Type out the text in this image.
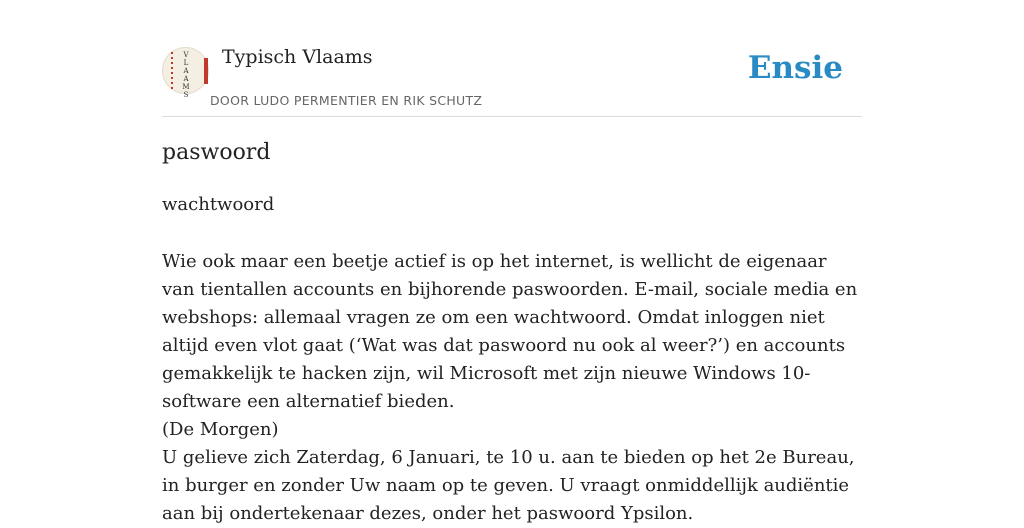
V
L
A
A
M
S
Typisch Vlaams
DOOR LUDO PERMENTIER EN RIK SCHUTZ
Ensie
paswoord
wachtwoord

Wie ook maar een beetje actief is op het internet, is wellicht de eigenaar van tientallen accounts en bijhorende paswoorden. E-mail, sociale media en webshops: allemaal vragen ze om een wachtwoord. Omdat inloggen niet altijd even vlot gaat (‘Wat was dat paswoord nu ook al weer?’) en accounts gemakkelijk te hacken zijn, wil Microsoft met zijn nieuwe Windows 10- software een alternatief bieden.

(De Morgen)

U gelieve zich Zaterdag, 6 Januari, te 10 u. aan te bieden op het 2e Bureau, in burger en zonder Uw naam op te geven. U vraagt onmiddellijk audiëntie aan bij ondertekenaar dezes, onder het paswoord Ypsilon.
